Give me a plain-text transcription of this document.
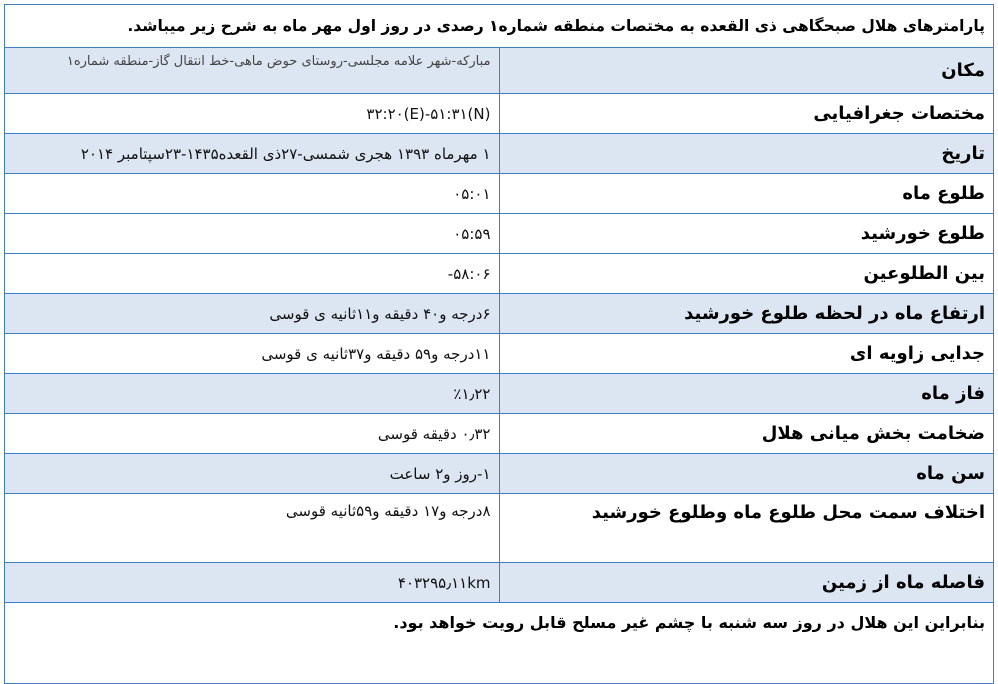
پارامترهای هلال صبحگاهی ذی القعده به مختصات منطقه شماره۱ رصدی در روز اول مهر ماه به شرح زیر میباشد.	
مکان	مبارکه-شهر علامه مجلسی-روستای حوض ماهی-خط انتقال گاز-منطقه شماره۱
مختصات جغرافیایی	۳۲:۲۰(E)-۵۱:۳۱(N)
تاریخ	۱ مهرماه ۱۳۹۳ هجری شمسی-۲۷ذی القعده۱۴۳۵-۲۳سپتامبر ۲۰۱۴
طلوع ماه	۰۵:۰۱
طلوع خورشید	۰۵:۵۹
بین الطلوعین	۵۸:۰۶-
ارتفاع ماه در لحظه طلوع خورشید	۶درجه و۴۰ دقیقه و۱۱ثانیه ی قوسی
جدایی زاویه ای	۱۱درجه و۵۹ دقیقه و۳۷ثانیه ی قوسی
فاز ماه	٪۱٫۲۲
ضخامت بخش میانی هلال	۰٫۳۲ دقیقه قوسی
سن ماه	۱-روز و۲ ساعت
اختلاف سمت محل طلوع ماه وطلوع خورشید	۸درجه و۱۷ دقیقه و۵۹ثانیه قوسی
فاصله ماه از زمین	۴۰۳۲۹۵٫۱۱km
بنابراین این هلال در روز سه شنبه با چشم غیر مسلح قابل رویت خواهد بود.	
